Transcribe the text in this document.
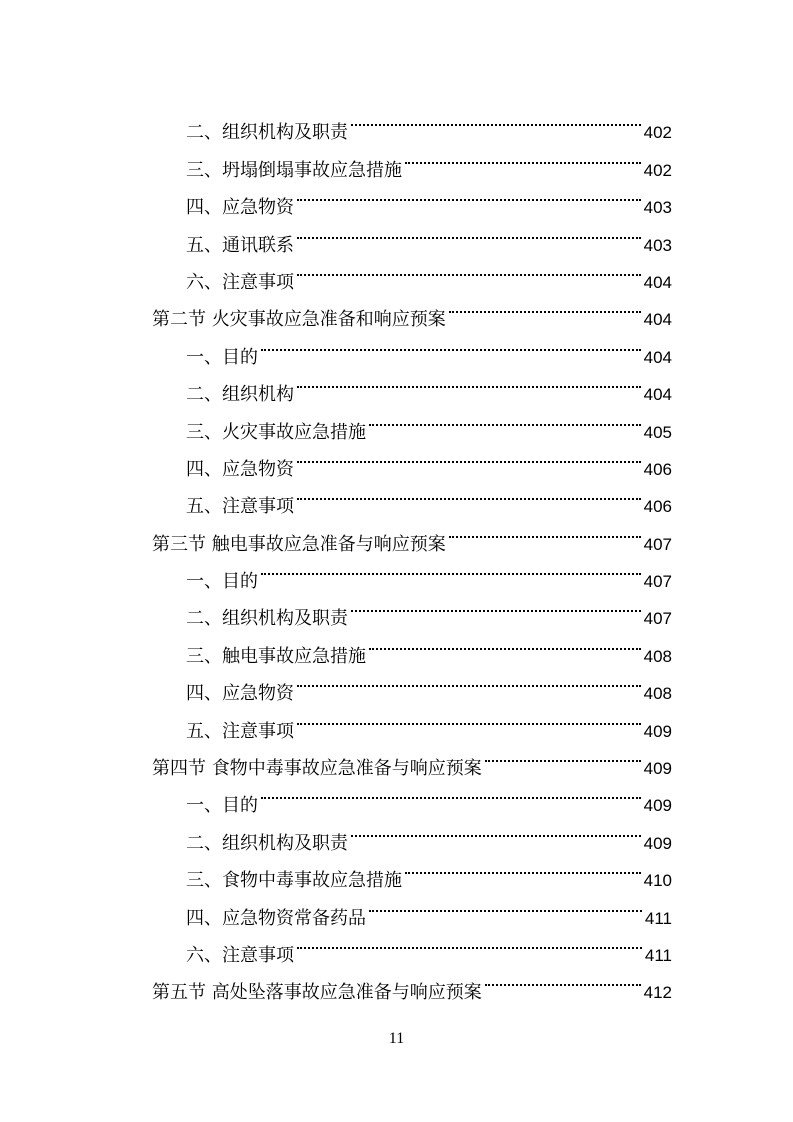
二、组织机构及职责	402
三、坍塌倒塌事故应急措施	402
四、应急物资	403
五、通讯联系	403
六、注意事项	404
第二节 火灾事故应急准备和响应预案	404
一、目的	404
二、组织机构	404
三、火灾事故应急措施	405
四、应急物资	406
五、注意事项	406
第三节 触电事故应急准备与响应预案	407
一、目的	407
二、组织机构及职责	407
三、触电事故应急措施	408
四、应急物资	408
五、注意事项	409
第四节 食物中毒事故应急准备与响应预案	409
一、目的	409
二、组织机构及职责	409
三、食物中毒事故应急措施	410
四、应急物资常备药品	411
六、注意事项	411
第五节 高处坠落事故应急准备与响应预案	412
11
